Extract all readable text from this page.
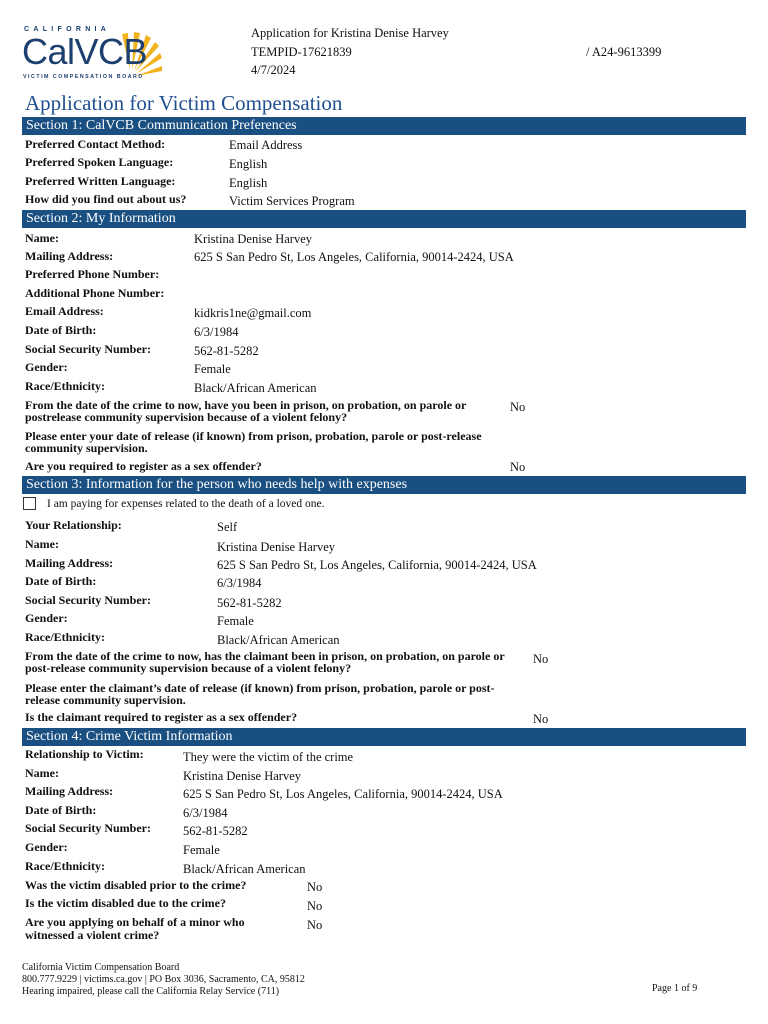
CALIFORNIA
CalVCB
VICTIM COMPENSATION BOARD
Application for Kristina Denise Harvey
TEMPID-17621839
4/7/2024
/ A24-9613399
Application for Victim Compensation
Section 1: CalVCB Communication Preferences
Preferred Contact Method:	Email Address
Preferred Spoken Language:	English
Preferred Written Language:	English
How did you find out about us?	Victim Services Program
Section 2: My Information
Name:	Kristina Denise Harvey
Mailing Address:	625 S San Pedro St, Los Angeles, California, 90014-2424, USA
Preferred Phone Number:
Additional Phone Number:
Email Address:	kidkris1ne@gmail.com
Date of Birth:	6/3/1984
Social Security Number:	562-81-5282
Gender:	Female
Race/Ethnicity:	Black/African American
From the date of the crime to now, have you been in prison, on probation, on parole or
postrelease community supervision because of a violent felony?
No
Please enter your date of release (if known) from prison, probation, parole or post-release
community supervision.
Are you required to register as a sex offender?	No
Section 3: Information for the person who needs help with expenses
I am paying for expenses related to the death of a loved one.
Your Relationship:	Self
Name:	Kristina Denise Harvey
Mailing Address:	625 S San Pedro St, Los Angeles, California, 90014-2424, USA
Date of Birth:	6/3/1984
Social Security Number:	562-81-5282
Gender:	Female
Race/Ethnicity:	Black/African American
From the date of the crime to now, has the claimant been in prison, on probation, on parole or
post-release community supervision because of a violent felony?
No
Please enter the claimant’s date of release (if known) from prison, probation, parole or post-
release community supervision.
Is the claimant required to register as a sex offender?	No
Section 4: Crime Victim Information
Relationship to Victim:	They were the victim of the crime
Name:	Kristina Denise Harvey
Mailing Address:	625 S San Pedro St, Los Angeles, California, 90014-2424, USA
Date of Birth:	6/3/1984
Social Security Number:	562-81-5282
Gender:	Female
Race/Ethnicity:	Black/African American
Was the victim disabled prior to the crime?	No
Is the victim disabled due to the crime?	No
Are you applying on behalf of a minor who
witnessed a violent crime?
No
California Victim Compensation Board
800.777.9229 | victims.ca.gov | PO Box 3036, Sacramento, CA, 95812
Hearing impaired, please call the California Relay Service (711)	Page 1 of 9
